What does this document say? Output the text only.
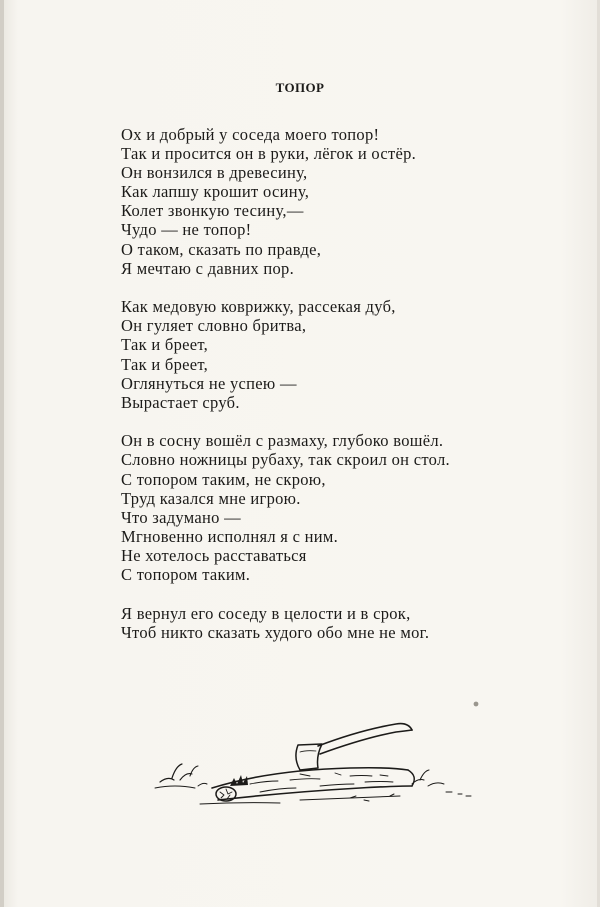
ТОПОР
Ох и добрый у соседа моего топор!
Так и просится он в руки, лёгок и остёр.
Он вонзился в древесину,
Как лапшу крошит осину,
Колет звонкую тесину,—
Чудо — не топор!
О таком, сказать по правде,
Я мечтаю с давних пор.
Как медовую коврижку, рассекая дуб,
Он гуляет словно бритва,
Так и бреет,
Так и бреет,
Оглянуться не успею —
Вырастает сруб.
Он в сосну вошёл с размаху, глубоко вошёл.
Словно ножницы рубаху, так скроил он стол.
С топором таким, не скрою,
Труд казался мне игрою.
Что задумано —
Мгновенно исполнял я с ним.
Не хотелось расставаться
С топором таким.
Я вернул его соседу в целости и в срок,
Чтоб никто сказать худого обо мне не мог.
